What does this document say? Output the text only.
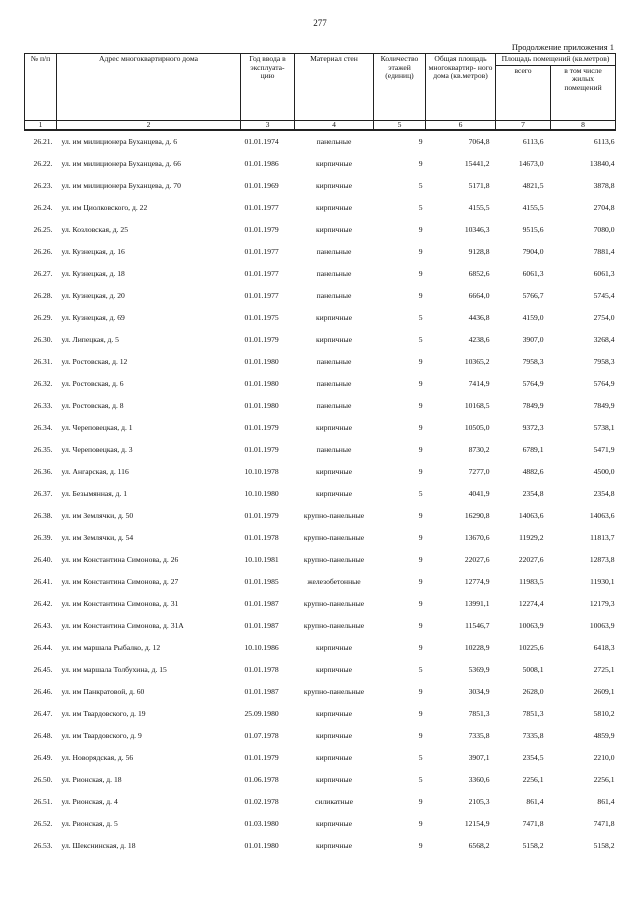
277
Продолжение приложения 1
№ п/п	Адрес многоквартирного дома	Год ввода в эксплуата- цию	Материал стен	Количество этажей (единиц)	Общая площадь многоквартир- ного дома (кв.метров)	Площадь помещений (кв.метров)	
						всего	в том числе жилых помещений
1	2	3	4	5	6	7	8
26.21.	ул. им милиционера Буханцева, д. 6	01.01.1974	панельные	9	7064,8	6113,6	6113,6
26.22.	ул. им милиционера Буханцева, д. 66	01.01.1986	кирпичные	9	15441,2	14673,0	13840,4
26.23.	ул. им милиционера Буханцева, д. 70	01.01.1969	кирпичные	5	5171,8	4821,5	3878,8
26.24.	ул. им Циолковского, д. 22	01.01.1977	кирпичные	5	4155,5	4155,5	2704,8
26.25.	ул. Козловская, д. 25	01.01.1979	кирпичные	9	10346,3	9515,6	7080,0
26.26.	ул. Кузнецкая, д. 16	01.01.1977	панельные	9	9128,8	7904,0	7881,4
26.27.	ул. Кузнецкая, д. 18	01.01.1977	панельные	9	6852,6	6061,3	6061,3
26.28.	ул. Кузнецкая, д. 20	01.01.1977	панельные	9	6664,0	5766,7	5745,4
26.29.	ул. Кузнецкая, д. 69	01.01.1975	кирпичные	5	4436,8	4159,0	2754,0
26.30.	ул. Липецкая, д. 5	01.01.1979	кирпичные	5	4238,6	3907,0	3268,4
26.31.	ул. Ростовская, д. 12	01.01.1980	панельные	9	10365,2	7958,3	7958,3
26.32.	ул. Ростовская, д. 6	01.01.1980	панельные	9	7414,9	5764,9	5764,9
26.33.	ул. Ростовская, д. 8	01.01.1980	панельные	9	10168,5	7849,9	7849,9
26.34.	ул. Череповецкая, д. 1	01.01.1979	кирпичные	9	10505,0	9372,3	5738,1
26.35.	ул. Череповецкая, д. 3	01.01.1979	панельные	9	8730,2	6789,1	5471,9
26.36.	ул. Ангарская, д. 116	10.10.1978	кирпичные	9	7277,0	4882,6	4500,0
26.37.	ул. Безымянная, д. 1	10.10.1980	кирпичные	5	4041,9	2354,8	2354,8
26.38.	ул. им Землячки, д. 50	01.01.1979	крупно-панельные	9	16290,8	14063,6	14063,6
26.39.	ул. им Землячки, д. 54	01.01.1978	крупно-панельные	9	13670,6	11929,2	11813,7
26.40.	ул. им Константина Симонова, д. 26	10.10.1981	крупно-панельные	9	22027,6	22027,6	12873,8
26.41.	ул. им Константина Симонова, д. 27	01.01.1985	железобетонные	9	12774,9	11983,5	11930,1
26.42.	ул. им Константина Симонова, д. 31	01.01.1987	крупно-панельные	9	13991,1	12274,4	12179,3
26.43.	ул. им Константина Симонова, д. 31А	01.01.1987	крупно-панельные	9	11546,7	10063,9	10063,9
26.44.	ул. им маршала Рыбалко, д. 12	10.10.1986	кирпичные	9	10228,9	10225,6	6418,3
26.45.	ул. им маршала Толбухина, д. 15	01.01.1978	кирпичные	5	5369,9	5008,1	2725,1
26.46.	ул. им Панкратовой, д. 60	01.01.1987	крупно-панельные	9	3034,9	2628,0	2609,1
26.47.	ул. им Твардовского, д. 19	25.09.1980	кирпичные	9	7851,3	7851,3	5810,2
26.48.	ул. им Твардовского, д. 9	01.07.1978	кирпичные	9	7335,8	7335,8	4859,9
26.49.	ул. Новорядская, д. 56	01.01.1979	кирпичные	5	3907,1	2354,5	2210,0
26.50.	ул. Рионская, д. 18	01.06.1978	кирпичные	5	3360,6	2256,1	2256,1
26.51.	ул. Рионская, д. 4	01.02.1978	силикатные	9	2105,3	861,4	861,4
26.52.	ул. Рионская, д. 5	01.03.1980	кирпичные	9	12154,9	7471,8	7471,8
26.53.	ул. Шекснинская, д. 18	01.01.1980	кирпичные	9	6568,2	5158,2	5158,2
